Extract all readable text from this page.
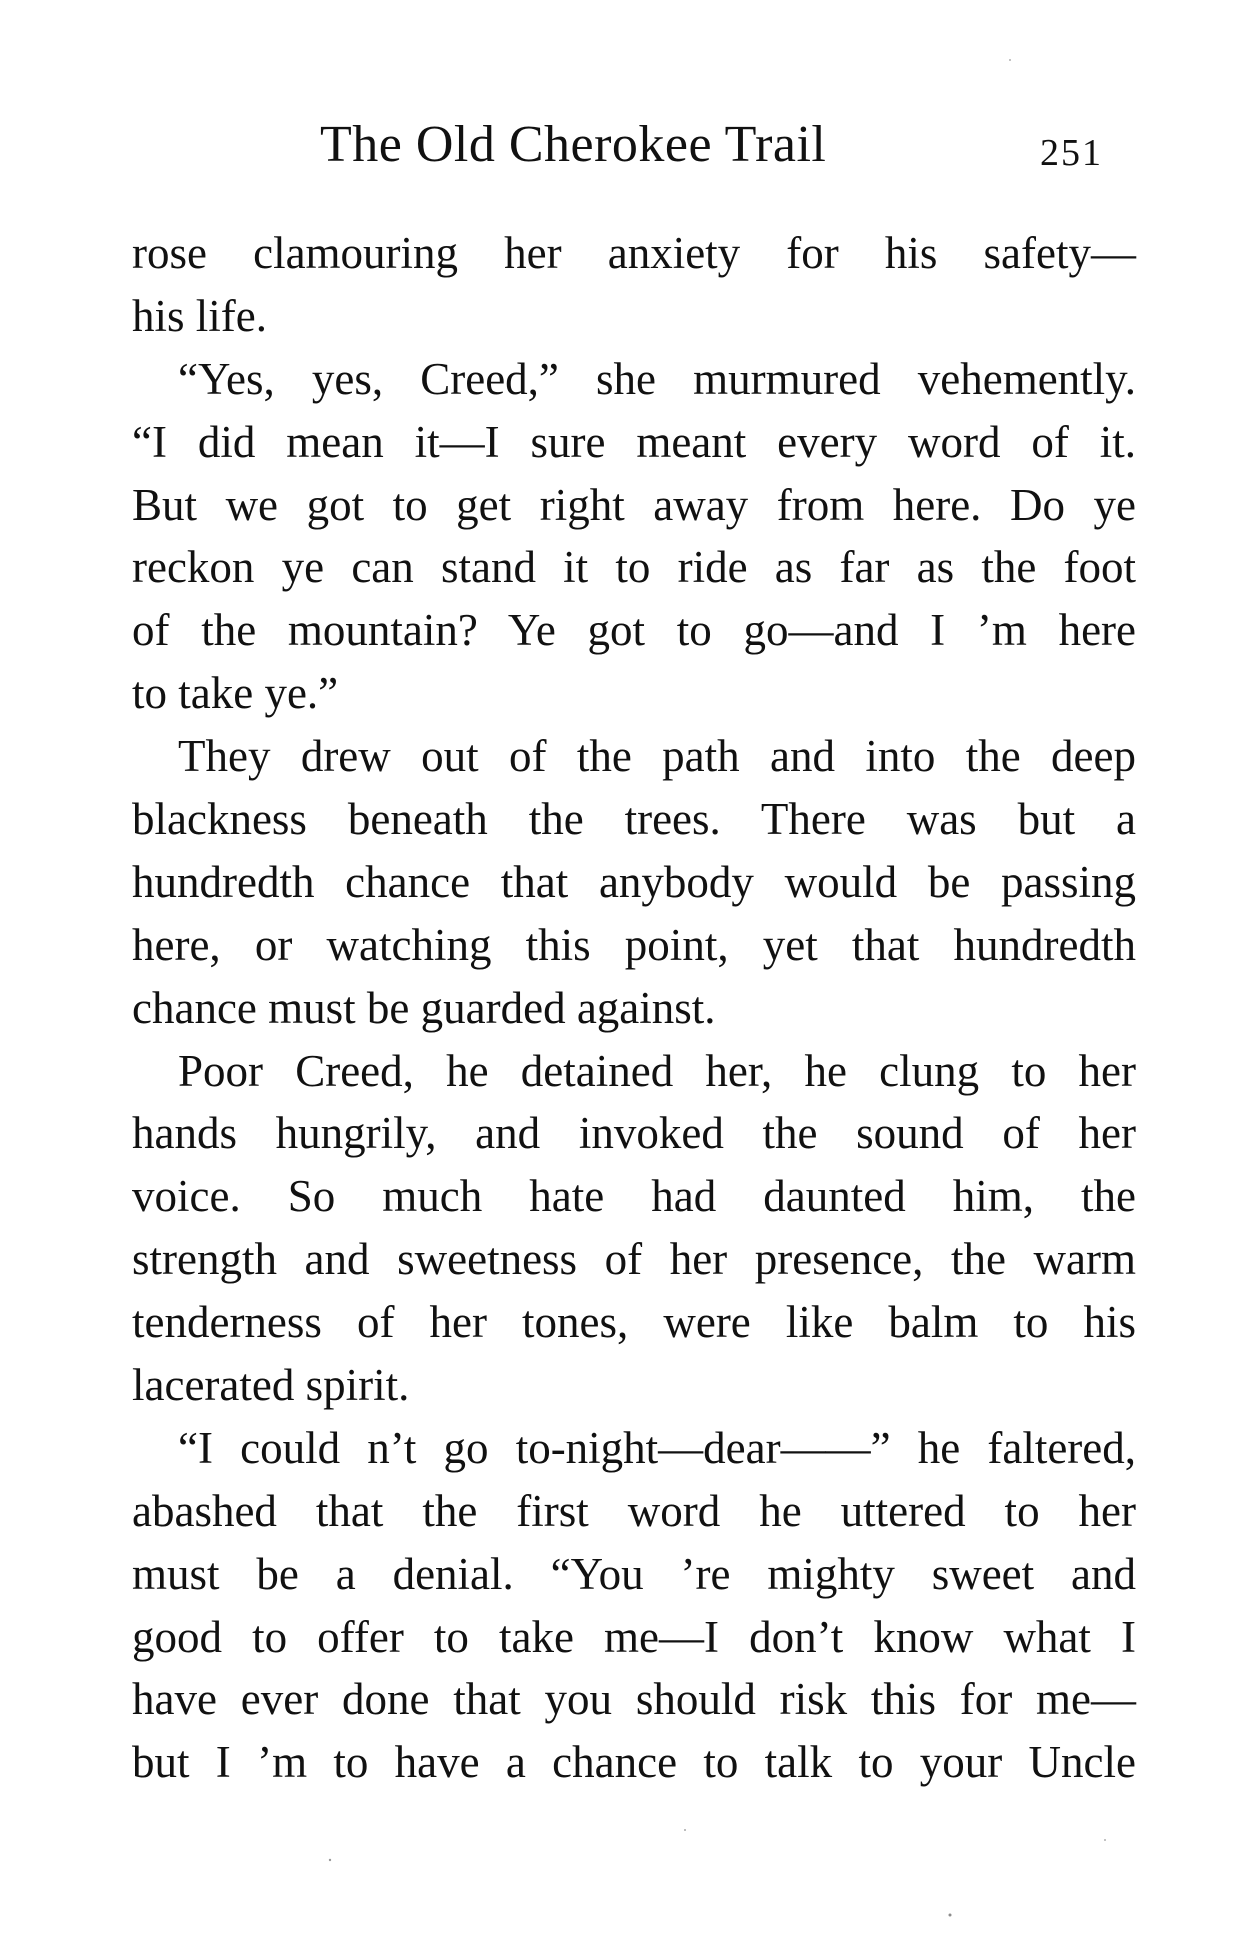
The Old Cherokee Trail	251
rose clamouring her anxiety for his safety—
his life.
“Yes, yes, Creed,” she murmured vehemently.
“I did mean it—I sure meant every word of it.
But we got to get right away from here. Do ye
reckon ye can stand it to ride as far as the foot
of the mountain? Ye got to go—and I ’m here
to take ye.”
They drew out of the path and into the deep
blackness beneath the trees. There was but a
hundredth chance that anybody would be passing
here, or watching this point, yet that hundredth
chance must be guarded against.
Poor Creed, he detained her, he clung to her
hands hungrily, and invoked the sound of her
voice. So much hate had daunted him, the
strength and sweetness of her presence, the warm
tenderness of her tones, were like balm to his
lacerated spirit.
“I could n’t go to-night—dear——” he faltered,
abashed that the first word he uttered to her
must be a denial. “You ’re mighty sweet and
good to offer to take me—I don’t know what I
have ever done that you should risk this for me—
but I ’m to have a chance to talk to your Uncle
